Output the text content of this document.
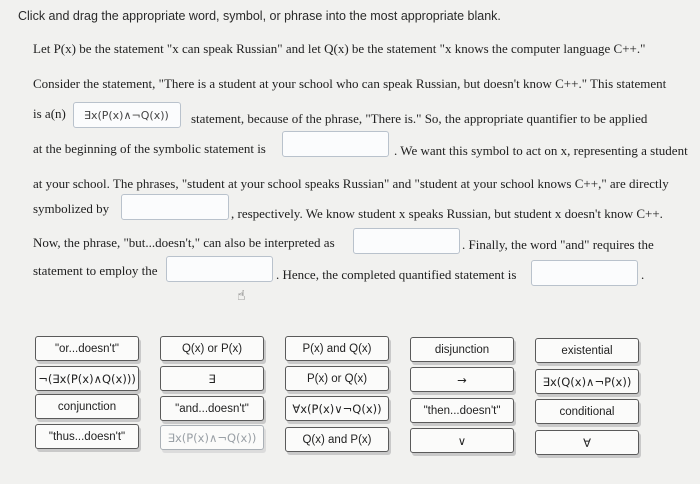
Click and drag the appropriate word, symbol, or phrase into the most appropriate blank.
Let P(x) be the statement "x can speak Russian" and let Q(x) be the statement "x knows the computer language C++."
Consider the statement, "There is a student at your school who can speak Russian, but doesn't know C++." This statement
is a(n) ∃x(P(x)∧¬Q(x)) statement, because of the phrase, "There is." So, the appropriate quantifier to be applied
at the beginning of the symbolic statement is	. We want this symbol to act on x, representing a student
at your school. The phrases, "student at your school speaks Russian" and "student at your school knows C++," are directly
symbolized by	, respectively. We know student x speaks Russian, but student x doesn't know C++.
Now, the phrase, "but...doesn't," can also be interpreted as	. Finally, the word "and" requires the
statement to employ the	. Hence, the completed quantified statement is	.
☝
"or...doesn't"	Q(x) or P(x)	P(x) and Q(x)	disjunction	existential
¬(∃x(P(x)∧Q(x)))	∃	P(x) or Q(x)	→	∃x(Q(x)∧¬P(x))
conjunction	"and...doesn't"	∀x(P(x)∨¬Q(x))	"then...doesn't"	conditional
"thus...doesn't"	∃x(P(x)∧¬Q(x))	Q(x) and P(x)	∨	∀
